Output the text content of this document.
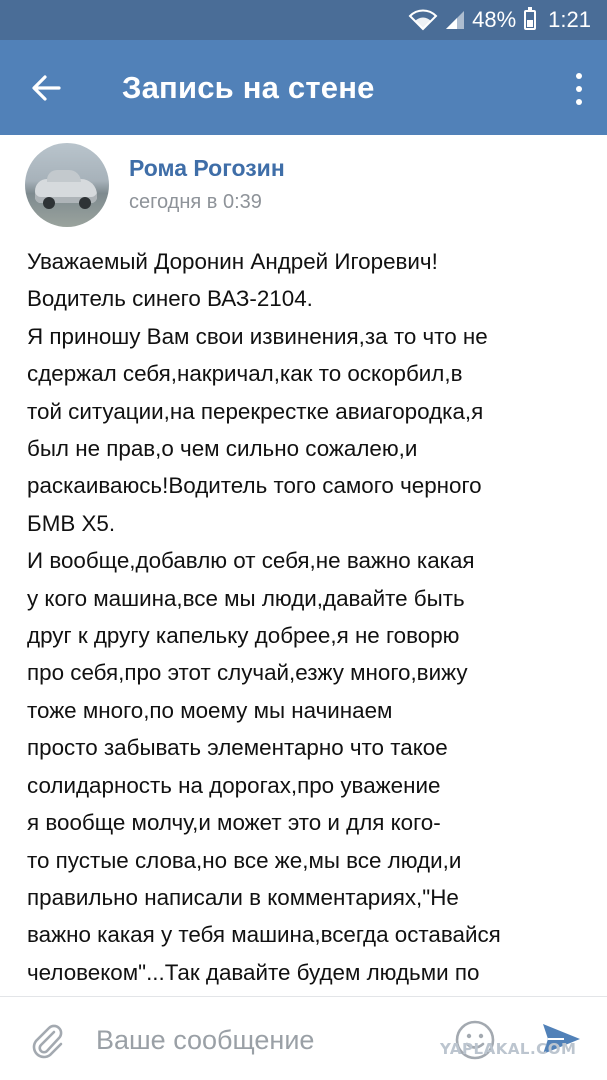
48% 1:21
Запись на стене
Рома Рогозин
сегодня в 0:39
Уважаемый Доронин Андрей Игоревич!
Водитель синего ВАЗ-2104.
Я приношу Вам свои извинения,за то что не
сдержал себя,накричал,как то оскорбил,в
той ситуации,на перекрестке авиагородка,я
был не прав,о чем сильно сожалею,и
раскаиваюсь!Водитель того самого черного
БМВ Х5.
И вообще,добавлю от себя,не важно какая
у кого машина,все мы люди,давайте быть
друг к другу капельку добрее,я не говорю
про себя,про этот случай,езжу много,вижу
тоже много,по моему мы начинаем
просто забывать элементарно что такое
солидарность на дорогах,про уважение
я вообще молчу,и может это и для кого-
то пустые слова,но все же,мы все люди,и
правильно написали в комментариях,"Не
важно какая у тебя машина,всегда оставайся
человеком"...Так давайте будем людьми по
Ваше сообщение	YAPLAKAL.COM
